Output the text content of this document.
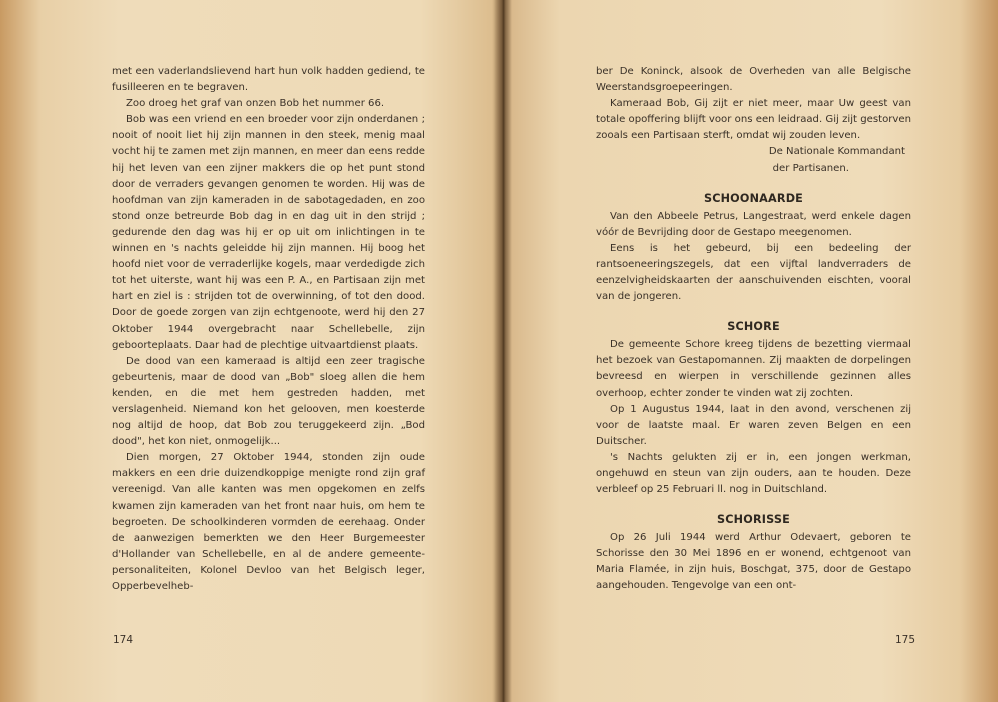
met een vaderlandslievend hart hun volk hadden gediend, te fusilleeren en te begraven.

Zoo droeg het graf van onzen Bob het nummer 66.

Bob was een vriend en een broeder voor zijn onderdanen ; nooit of nooit liet hij zijn mannen in den steek, menig maal vocht hij te zamen met zijn mannen, en meer dan eens redde hij het leven van een zijner makkers die op het punt stond door de verraders gevangen genomen te worden. Hij was de hoofdman van zijn kameraden in de sabotagedaden, en zoo stond onze betreurde Bob dag in en dag uit in den strijd ; gedurende den dag was hij er op uit om inlichtingen in te winnen en 's nachts geleidde hij zijn mannen. Hij boog het hoofd niet voor de verraderlijke kogels, maar verdedigde zich tot het uiterste, want hij was een P. A., en Partisaan zijn met hart en ziel is : strijden tot de overwinning, of tot den dood. Door de goede zorgen van zijn echtgenoote, werd hij den 27 Oktober 1944 overgebracht naar Schellebelle, zijn geboorteplaats. Daar had de plechtige uitvaartdienst plaats.

De dood van een kameraad is altijd een zeer tragische gebeurtenis, maar de dood van „Bob" sloeg allen die hem kenden, en die met hem gestreden hadden, met verslagenheid. Niemand kon het gelooven, men koesterde nog altijd de hoop, dat Bob zou teruggekeerd zijn. „Bod dood", het kon niet, onmogelijk...

Dien morgen, 27 Oktober 1944, stonden zijn oude makkers en een drie duizendkoppige menigte rond zijn graf vereenigd. Van alle kanten was men opgekomen en zelfs kwamen zijn kameraden van het front naar huis, om hem te begroeten. De schoolkinderen vormden de eerehaag. Onder de aanwezigen bemerkten we den Heer Burgemeester d'Hollander van Schellebelle, en al de andere gemeente-personaliteiten, Kolonel Devloo van het Belgisch leger, Opperbevelheb-

174

ber De Koninck, alsook de Overheden van alle Belgische Weerstandsgroepeeringen.

Kameraad Bob, Gij zijt er niet meer, maar Uw geest van totale opoffering blijft voor ons een leidraad. Gij zijt gestorven zooals een Partisaan sterft, omdat wij zouden leven.

De Nationale Kommandant
der Partisanen.

SCHOONAARDE

Van den Abbeele Petrus, Langestraat, werd enkele dagen vóór de Bevrijding door de Gestapo meegenomen.

Eens is het gebeurd, bij een bedeeling der rantsoeneeringszegels, dat een vijftal landverraders de eenzelvigheidskaarten der aanschuivenden eischten, vooral van de jongeren.

SCHORE

De gemeente Schore kreeg tijdens de bezetting viermaal het bezoek van Gestapomannen. Zij maakten de dorpelingen bevreesd en wierpen in verschillende gezinnen alles overhoop, echter zonder te vinden wat zij zochten.

Op 1 Augustus 1944, laat in den avond, verschenen zij voor de laatste maal. Er waren zeven Belgen en een Duitscher.

's Nachts gelukten zij er in, een jongen werkman, ongehuwd en steun van zijn ouders, aan te houden. Deze verbleef op 25 Februari ll. nog in Duitschland.

SCHORISSE

Op 26 Juli 1944 werd Arthur Odevaert, geboren te Schorisse den 30 Mei 1896 en er wonend, echtgenoot van Maria Flamée, in zijn huis, Boschgat, 375, door de Gestapo aangehouden. Tengevolge van een ont-

175
